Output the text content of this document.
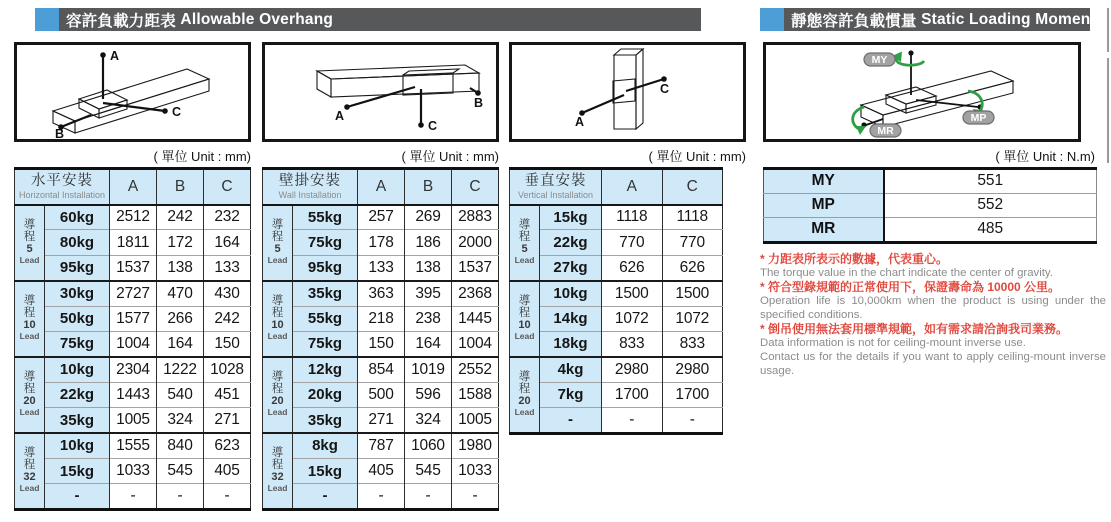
容許負載力距表
Allowable Overhang	靜態容許負載慣量
Static Loading Moment
A
C
B
A
B
C	A
C
MY
MP
MR
( 單位 Unit : mm)	( 單位 Unit : mm)	( 單位 Unit : mm)	( 單位 Unit : N.m)
水平安裝
Horizontal Installation		A	B	C

導
程
5
Lead	60kg	2512	242	232
	80kg	1811	172	164
	95kg	1537	138	133

導
程
10
Lead	30kg	2727	470	430
	50kg	1577	266	242
	75kg	1004	164	150

導
程
20
Lead	10kg	2304	1222	1028
	22kg	1443	540	451
	35kg	1005	324	271

導
程
32
Lead	10kg	1555	840	623
	15kg	1033	545	405
	-	-	-	-
壁掛安裝
Wall Installation		A	B	C

導
程
5
Lead	55kg	257	269	2883
	75kg	178	186	2000
	95kg	133	138	1537

導
程
10
Lead	35kg	363	395	2368
	55kg	218	238	1445
	75kg	150	164	1004

導
程
20
Lead	12kg	854	1019	2552
	20kg	500	596	1588
	35kg	271	324	1005

導
程
32
Lead	8kg	787	1060	1980
	15kg	405	545	1033
	-	-	-	-
垂直安裝
Vertical Installation		A	C

導
程
5
Lead	15kg	1118	1118
	22kg	770	770
	27kg	626	626

導
程
10
Lead	10kg	1500	1500
	14kg	1072	1072
	18kg	833	833

導
程
20
Lead	4kg	2980	2980
	7kg	1700	1700
	-	-	-
MY	551
MP	552
MR	485
* 力距表所表示的數據，代表重心。
The torque value in the chart indicate the center of gravity.
* 符合型錄規範的正常使用下，保證壽命為 10000 公里。
Operation life is 10,000km when the product is using under the specified conditions.
* 倒吊使用無法套用標準規範，如有需求請洽詢我司業務。
Data information is not for ceiling-mount inverse use.
Contact us for the details if you want to apply ceiling-mount inverse usage.
